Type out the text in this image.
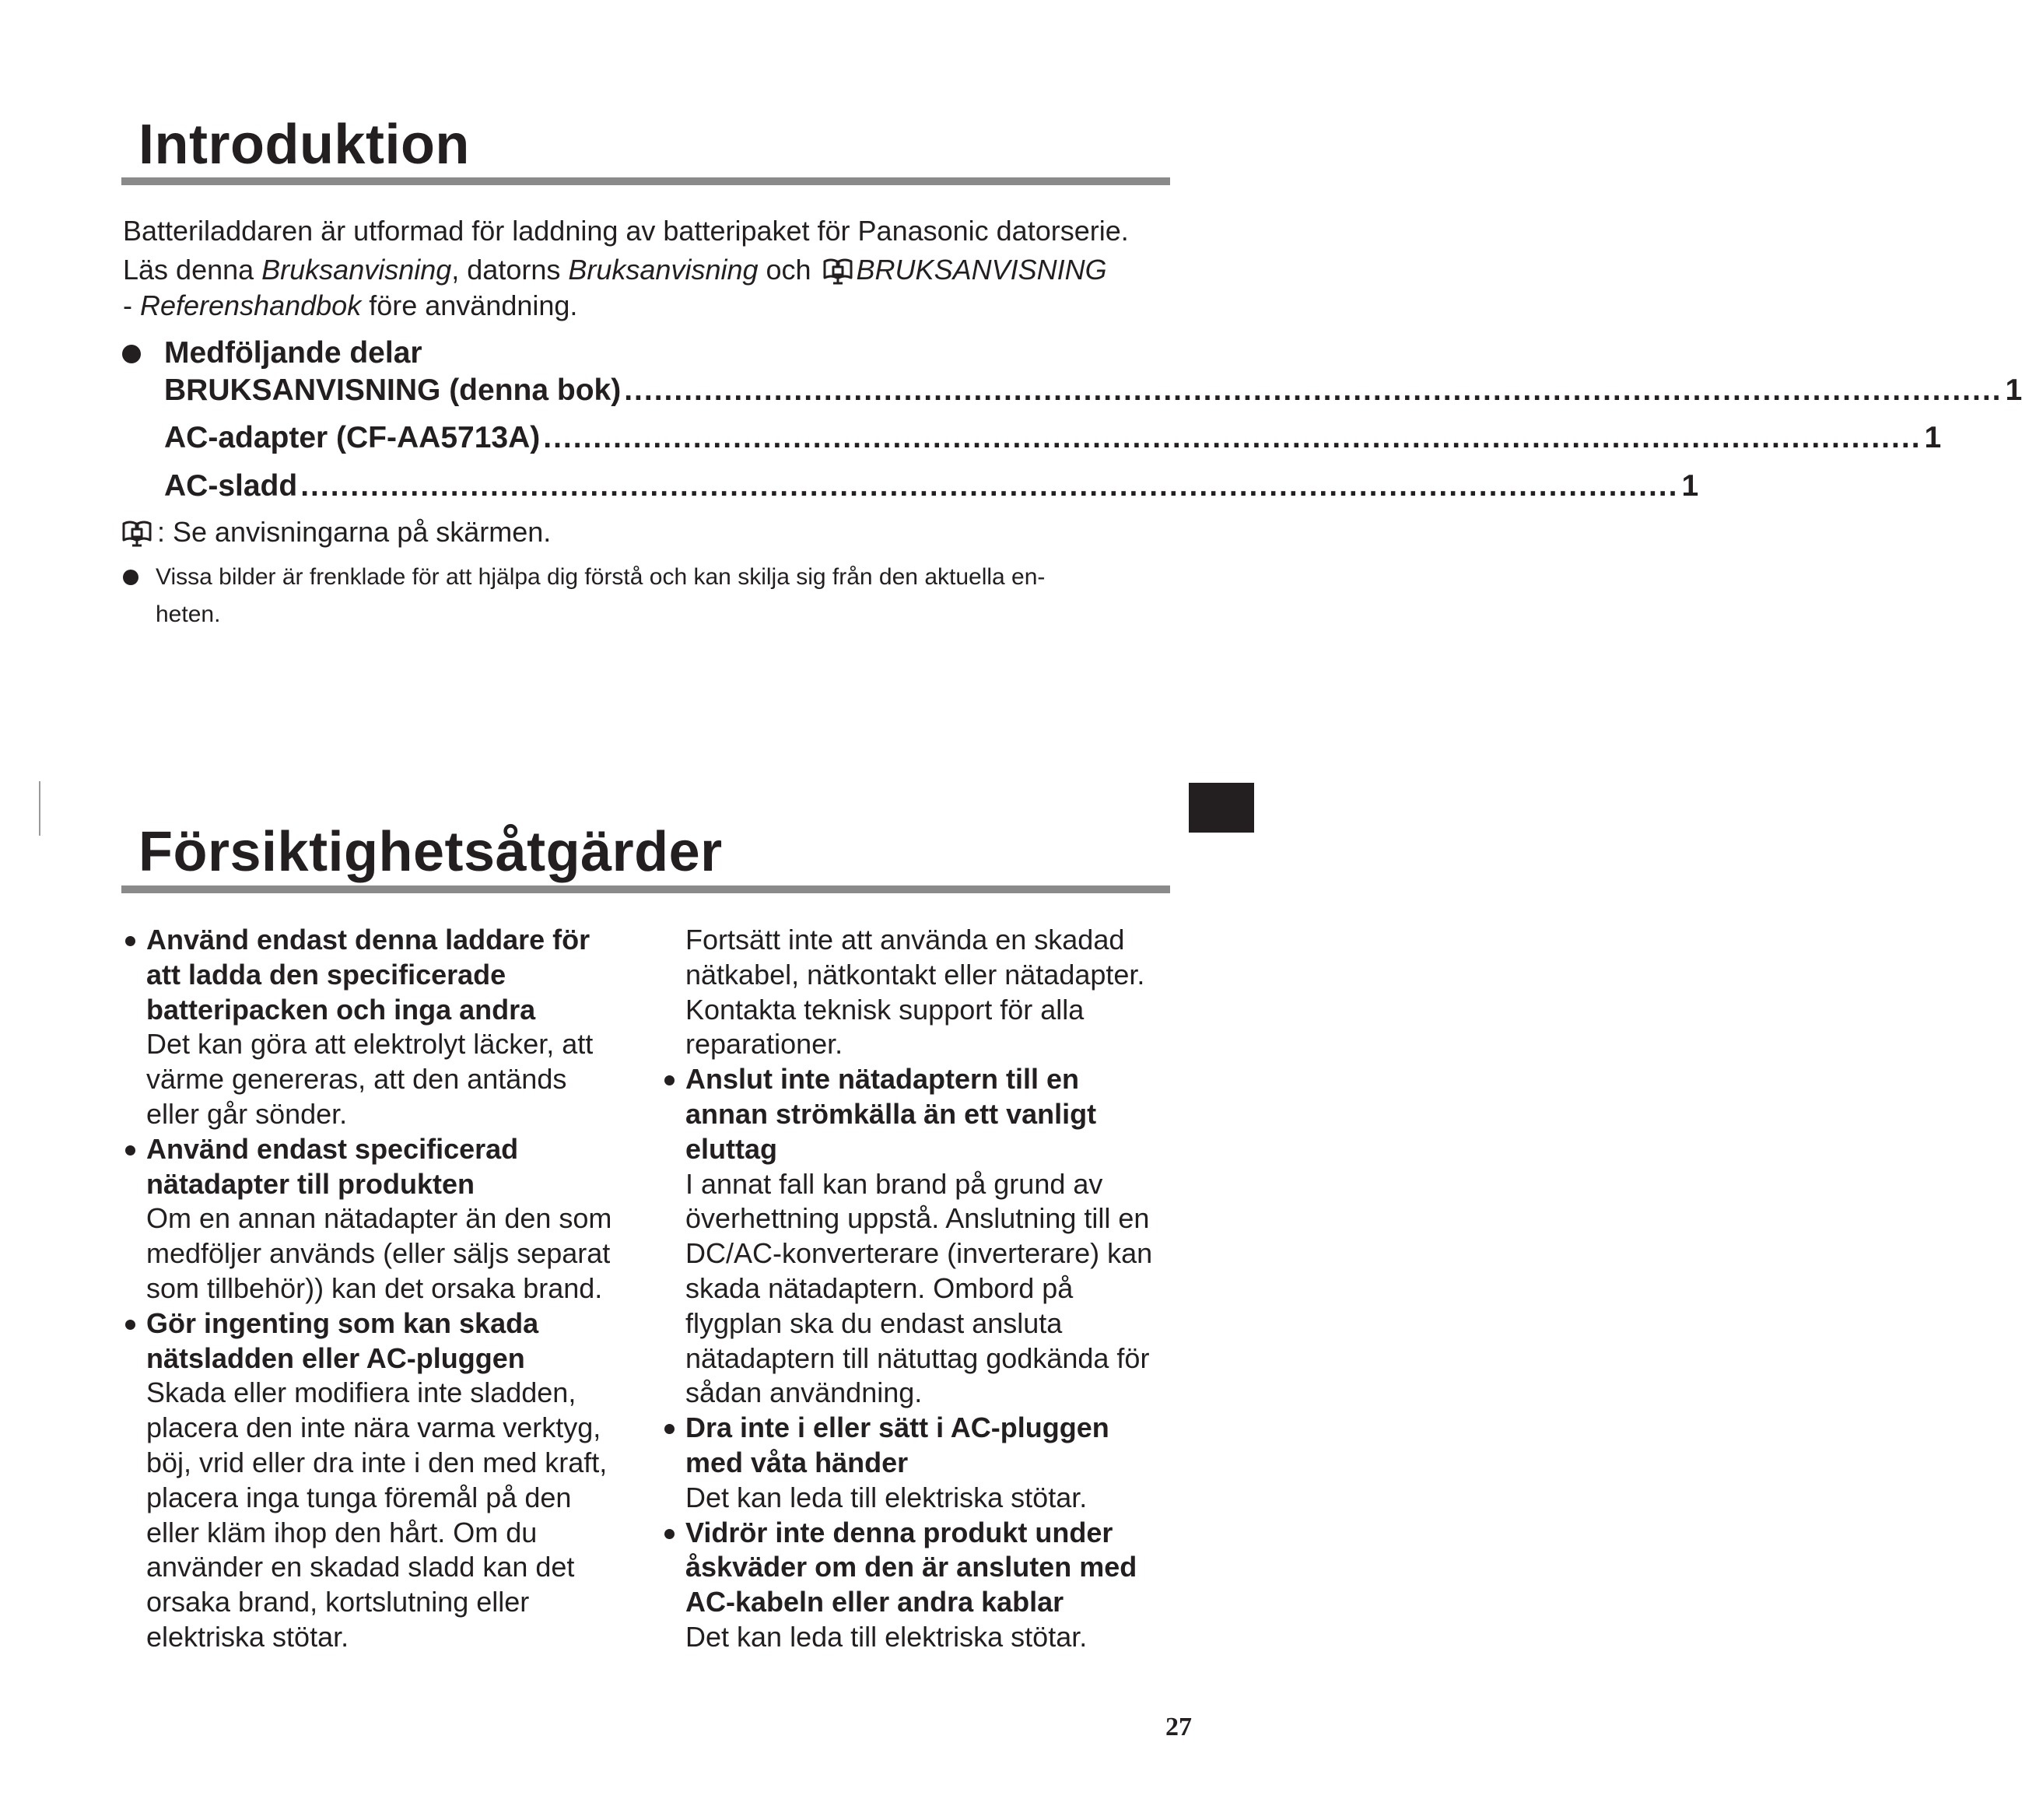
Introduktion
Batteriladdaren är utformad för laddning av batteripaket för Panasonic datorserie.
Läs denna Bruksanvisning, datorns Bruksanvisning och BRUKSANVISNING
- Referenshandbok före användning.
Medföljande delar
BRUKSANVISNING (denna bok) .......................................................................................................................................... 1
AC-adapter (CF-AA5713A) .......................................................................................................................................... 1
AC-sladd .......................................................................................................................................... 1
: Se anvisningarna på skärmen.
Vissa bilder är frenklade för att hjälpa dig förstå och kan skilja sig från den aktuella en-
heten.
Försiktighetsåtgärder

Använd endast denna laddare för

att ladda den specificerade

batteripacken och inga andra

Det kan göra att elektrolyt läcker, att

värme genereras, att den antänds

eller går sönder.

Använd endast specificerad

nätadapter till produkten

Om en annan nätadapter än den som

medföljer används (eller säljs separat

som tillbehör)) kan det orsaka brand.

Gör ingenting som kan skada

nätsladden eller AC-pluggen

Skada eller modifiera inte sladden,

placera den inte nära varma verktyg,

böj, vrid eller dra inte i den med kraft,

placera inga tunga föremål på den

eller kläm ihop den hårt. Om du

använder en skadad sladd kan det

orsaka brand, kortslutning eller

elektriska stötar.

Fortsätt inte att använda en skadad

nätkabel, nätkontakt eller nätadapter.

Kontakta teknisk support för alla

reparationer.

Anslut inte nätadaptern till en

annan strömkälla än ett vanligt

eluttag

I annat fall kan brand på grund av

överhettning uppstå. Anslutning till en

DC/AC-konverterare (inverterare) kan

skada nätadaptern. Ombord på

flygplan ska du endast ansluta

nätadaptern till nätuttag godkända för

sådan användning.

Dra inte i eller sätt i AC-pluggen

med våta händer

Det kan leda till elektriska stötar.

Vidrör inte denna produkt under

åskväder om den är ansluten med

AC-kabeln eller andra kablar

Det kan leda till elektriska stötar.

27
